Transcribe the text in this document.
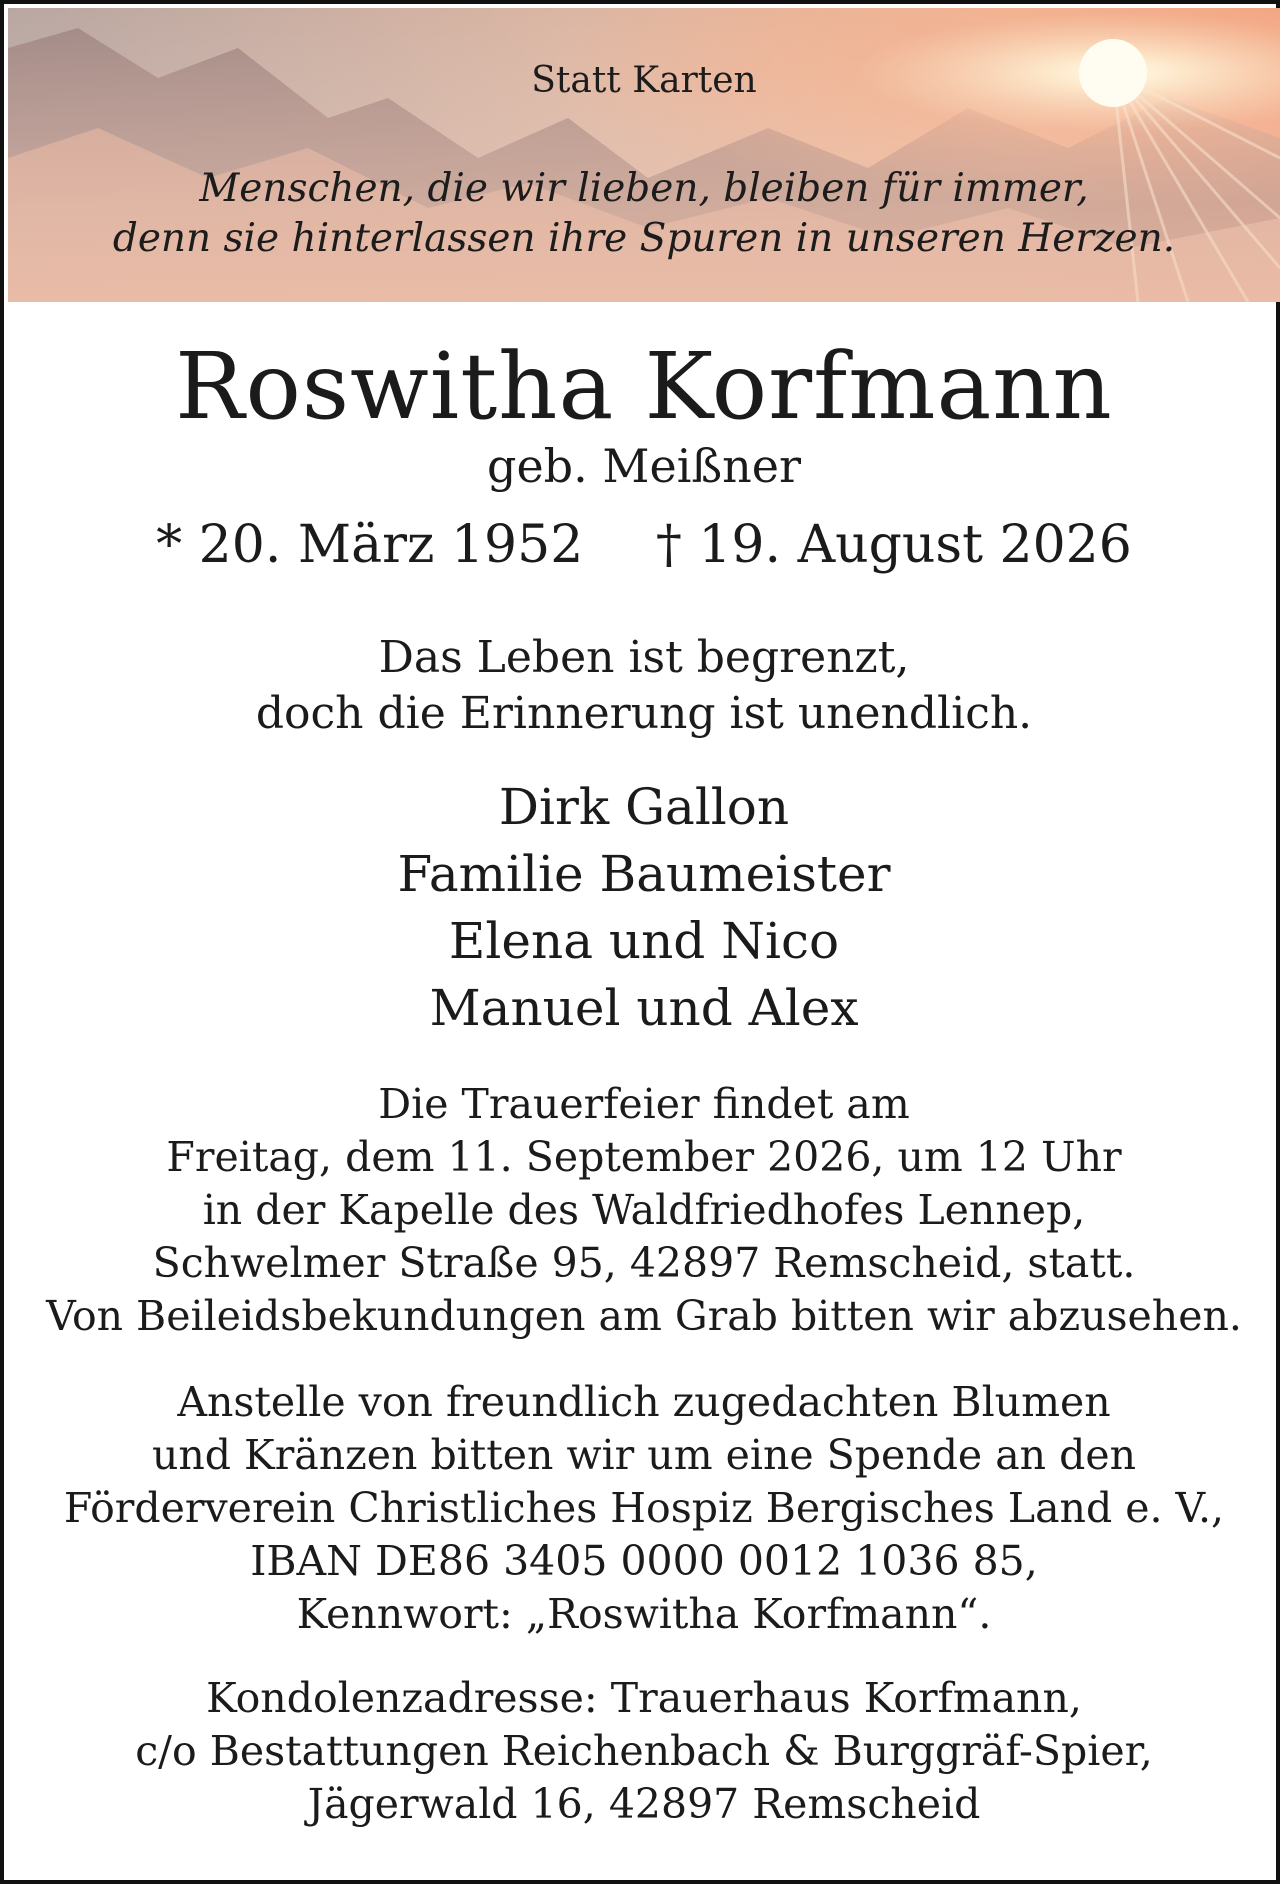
Statt Karten
Menschen, die wir lieben, bleiben für immer,
denn sie hinterlassen ihre Spuren in unseren Herzen.
Roswitha Korfmann
geb. Meißner
* 20. März 1952 † 19. August 2026
Das Leben ist begrenzt,
doch die Erinnerung ist unendlich.
Dirk Gallon
Familie Baumeister
Elena und Nico
Manuel und Alex
Die Trauerfeier findet am
Freitag, dem 11. September 2026, um 12 Uhr
in der Kapelle des Waldfriedhofes Lennep,
Schwelmer Straße 95, 42897 Remscheid, statt.
Von Beileidsbekundungen am Grab bitten wir abzusehen.
Anstelle von freundlich zugedachten Blumen
und Kränzen bitten wir um eine Spende an den
Förderverein Christliches Hospiz Bergisches Land e. V.,
IBAN DE86 3405 0000 0012 1036 85,
Kennwort: „Roswitha Korfmann“.
Kondolenzadresse: Trauerhaus Korfmann,
c/o Bestattungen Reichenbach & Burggräf-Spier,
Jägerwald 16, 42897 Remscheid
